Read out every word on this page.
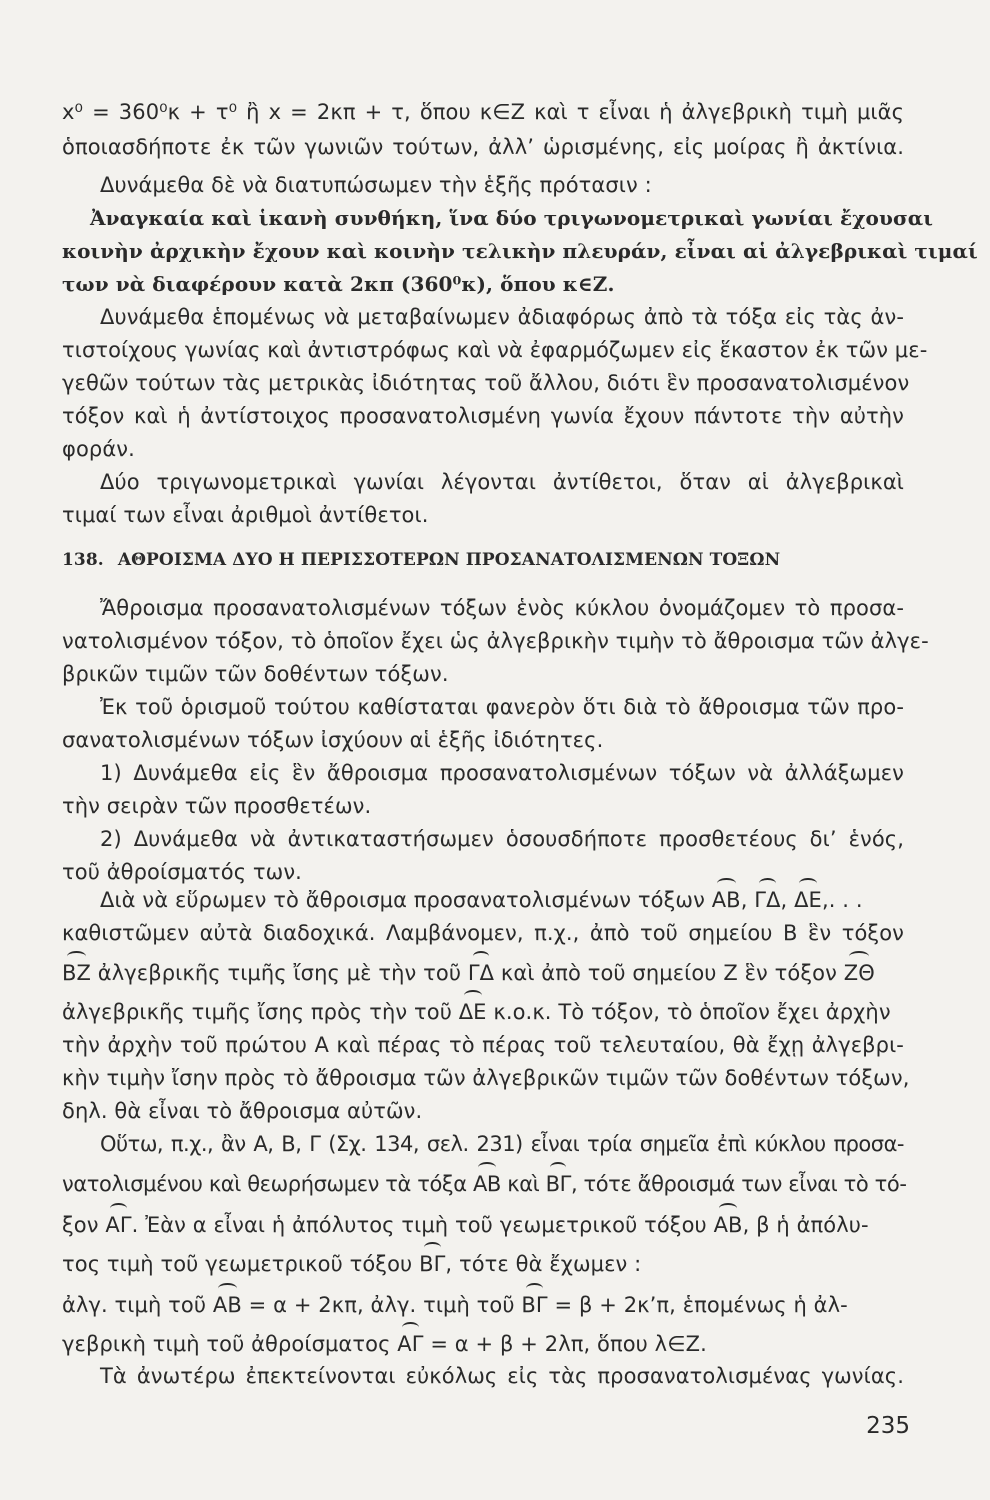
x⁰ = 360⁰κ + τ⁰ ἢ x = 2κπ + τ, ὅπου κ∈Ζ καὶ τ εἶναι ἡ ἀλγεβρικὴ τιμὴ μιᾶς
ὁποιασδήποτε ἐκ τῶν γωνιῶν τούτων, ἀλλ’ ὡρισμένης, εἰς μοίρας ἢ ἀκτίνια.
Δυνάμεθα δὲ νὰ διατυπώσωμεν τὴν ἑξῆς πρότασιν :
Ἀναγκαία καὶ ἱκανὴ συνθήκη, ἵνα δύο τριγωνομετρικαὶ γωνίαι ἔχουσαι
κοινὴν ἀρχικὴν ἔχουν καὶ κοινὴν τελικὴν πλευράν, εἶναι αἱ ἀλγεβρικαὶ τιμαί
των νὰ διαφέρουν κατὰ 2κπ (360⁰κ), ὅπου κ∈Ζ.
Δυνάμεθα ἑπομένως νὰ μεταβαίνωμεν ἀδιαφόρως ἀπὸ τὰ τόξα εἰς τὰς ἀν-
τιστοίχους γωνίας καὶ ἀντιστρόφως καὶ νὰ ἐφαρμόζωμεν εἰς ἕκαστον ἐκ τῶν με-
γεθῶν τούτων τὰς μετρικὰς ἰδιότητας τοῦ ἄλλου, διότι ἓν προσανατολισμένον
τόξον καὶ ἡ ἀντίστοιχος προσανατολισμένη γωνία ἔχουν πάντοτε τὴν αὐτὴν
φοράν.
Δύο τριγωνομετρικαὶ γωνίαι λέγονται ἀντίθετοι, ὅταν αἱ ἀλγεβρικαὶ
τιμαί των εἶναι ἀριθμοὶ ἀντίθετοι.
138. ΑΘΡΟΙΣΜΑ ΔΥΟ Η ΠΕΡΙΣΣΟΤΕΡΩΝ ΠΡΟΣΑΝΑΤΟΛΙΣΜΕΝΩΝ ΤΟΞΩΝ
Ἄθροισμα προσανατολισμένων τόξων ἑνὸς κύκλου ὀνομάζομεν τὸ προσα-
νατολισμένον τόξον, τὸ ὁποῖον ἔχει ὡς ἀλγεβρικὴν τιμὴν τὸ ἄθροισμα τῶν ἀλγε-
βρικῶν τιμῶν τῶν δοθέντων τόξων.
Ἐκ τοῦ ὁρισμοῦ τούτου καθίσταται φανερὸν ὅτι διὰ τὸ ἄθροισμα τῶν προ-
σανατολισμένων τόξων ἰσχύουν αἱ ἑξῆς ἰδιότητες.
1) Δυνάμεθα εἰς ἓν ἄθροισμα προσανατολισμένων τόξων νὰ ἀλλάξωμεν
τὴν σειρὰν τῶν προσθετέων.
2) Δυνάμεθα νὰ ἀντικαταστήσωμεν ὁσουσδήποτε προσθετέους δι’ ἑνός,
τοῦ ἀθροίσματός των.
Διὰ νὰ εὕρωμεν τὸ ἄθροισμα προσανατολισμένων τόξων ΑΒ, ΓΔ, ΔΕ,. . .
καθιστῶμεν αὐτὰ διαδοχικά. Λαμβάνομεν, π.χ., ἀπὸ τοῦ σημείου Β ἓν τόξον
ΒΖ ἀλγεβρικῆς τιμῆς ἴσης μὲ τὴν τοῦ ΓΔ καὶ ἀπὸ τοῦ σημείου Ζ ἓν τόξον ΖΘ
ἀλγεβρικῆς τιμῆς ἴσης πρὸς τὴν τοῦ ΔΕ κ.ο.κ. Τὸ τόξον, τὸ ὁποῖον ἔχει ἀρχὴν
τὴν ἀρχὴν τοῦ πρώτου Α καὶ πέρας τὸ πέρας τοῦ τελευταίου, θὰ ἔχῃ ἀλγεβρι-
κὴν τιμὴν ἴσην πρὸς τὸ ἄθροισμα τῶν ἀλγεβρικῶν τιμῶν τῶν δοθέντων τόξων,
δηλ. θὰ εἶναι τὸ ἄθροισμα αὐτῶν.
Οὕτω, π.χ., ἂν Α, Β, Γ (Σχ. 134, σελ. 231) εἶναι τρία σημεῖα ἐπὶ κύκλου προσα-
νατολισμένου καὶ θεωρήσωμεν τὰ τόξα ΑΒ καὶ ΒΓ, τότε ἄθροισμά των εἶναι τὸ τό-
ξον ΑΓ. Ἐὰν α εἶναι ἡ ἀπόλυτος τιμὴ τοῦ γεωμετρικοῦ τόξου ΑΒ, β ἡ ἀπόλυ-
τος τιμὴ τοῦ γεωμετρικοῦ τόξου ΒΓ, τότε θὰ ἔχωμεν :
ἀλγ. τιμὴ τοῦ ΑΒ = α + 2κπ, ἀλγ. τιμὴ τοῦ ΒΓ = β + 2κ’π, ἑπομένως ἡ ἀλ-
γεβρικὴ τιμὴ τοῦ ἀθροίσματος ΑΓ = α + β + 2λπ, ὅπου λ∈Ζ.
Τὰ ἀνωτέρω ἐπεκτείνονται εὐκόλως εἰς τὰς προσανατολισμένας γωνίας.
235
